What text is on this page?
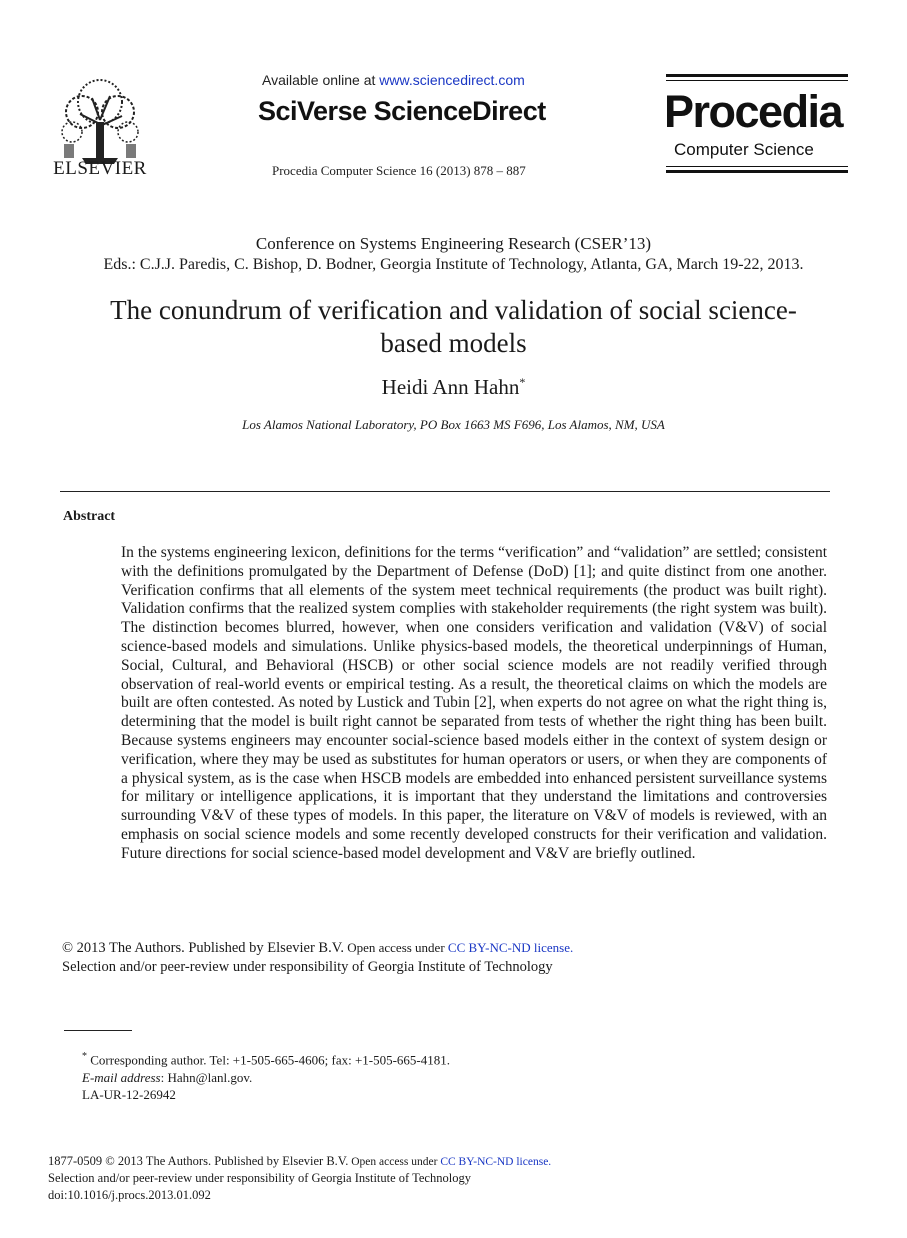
ELSEVIER
Available online at www.sciencedirect.com
SciVerse ScienceDirect
Procedia Computer Science 16 (2013) 878 – 887
Procedia
Computer Science
Conference on Systems Engineering Research (CSER’13)
Eds.: C.J.J. Paredis, C. Bishop, D. Bodner, Georgia Institute of Technology, Atlanta, GA, March 19-22, 2013.
The conundrum of verification and validation of social science-based models
Heidi Ann Hahn*
Los Alamos National Laboratory, PO Box 1663 MS F696, Los Alamos, NM, USA
Abstract
In the systems engineering lexicon, definitions for the terms “verification” and “validation” are settled; consistent with the definitions promulgated by the Department of Defense (DoD) [1]; and quite distinct from one another. Verification confirms that all elements of the system meet technical requirements (the product was built right). Validation confirms that the realized system complies with stakeholder requirements (the right system was built). The distinction becomes blurred, however, when one considers verification and validation (V&V) of social science-based models and simulations. Unlike physics-based models, the theoretical underpinnings of Human, Social, Cultural, and Behavioral (HSCB) or other social science models are not readily verified through observation of real-world events or empirical testing. As a result, the theoretical claims on which the models are built are often contested. As noted by Lustick and Tubin [2], when experts do not agree on what the right thing is, determining that the model is built right cannot be separated from tests of whether the right thing has been built. Because systems engineers may encounter social-science based models either in the context of system design or verification, where they may be used as substitutes for human operators or users, or when they are components of a physical system, as is the case when HSCB models are embedded into enhanced persistent surveillance systems for military or intelligence applications, it is important that they understand the limitations and controversies surrounding V&V of these types of models. In this paper, the literature on V&V of models is reviewed, with an emphasis on social science models and some recently developed constructs for their verification and validation. Future directions for social science-based model development and V&V are briefly outlined.
© 2013 The Authors. Published by Elsevier B.V. Open access under CC BY-NC-ND license.
Selection and/or peer-review under responsibility of Georgia Institute of Technology
* Corresponding author. Tel: +1-505-665-4606; fax: +1-505-665-4181.
E-mail address: Hahn@lanl.gov.
LA-UR-12-26942
1877-0509 © 2013 The Authors. Published by Elsevier B.V. Open access under CC BY-NC-ND license.
Selection and/or peer-review under responsibility of Georgia Institute of Technology
doi:10.1016/j.procs.2013.01.092
